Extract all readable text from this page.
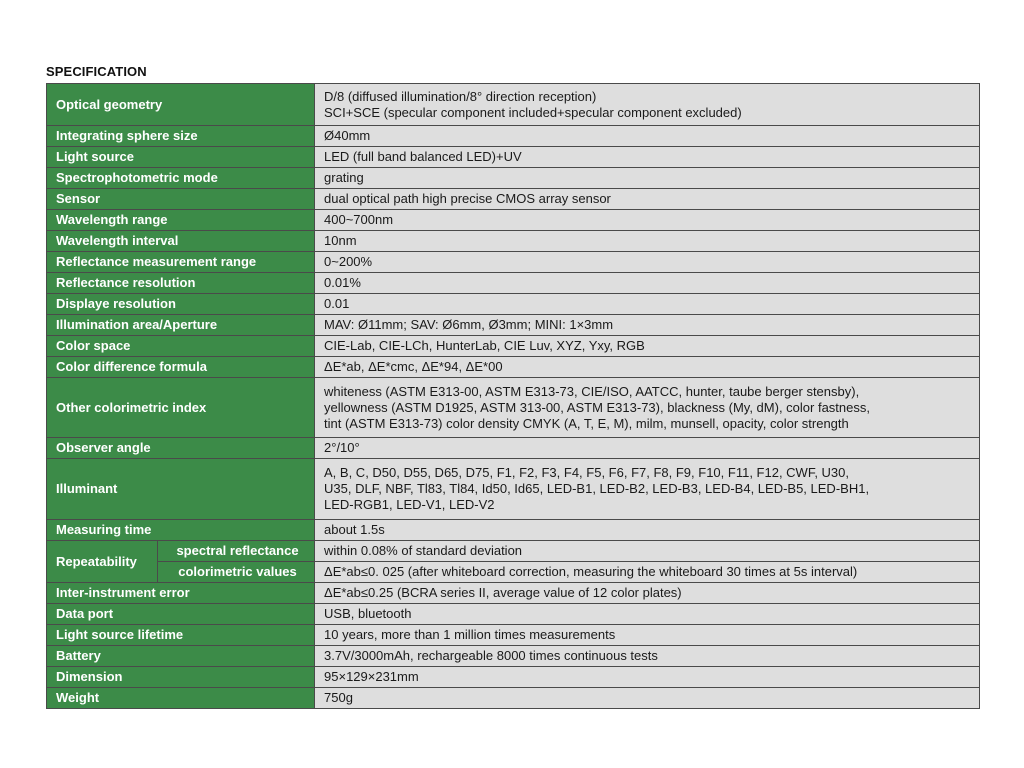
SPECIFICATION
Optical geometry		D/8 (diffused illumination/8° direction reception)
SCI+SCE (specular component included+specular component excluded)

Integrating sphere size		Ø40mm
Light source		LED (full band balanced LED)+UV
Spectrophotometric mode		grating
Sensor		dual optical path high precise CMOS array sensor
Wavelength range		400~700nm
Wavelength interval		10nm
Reflectance measurement range		0~200%
Reflectance resolution		0.01%
Displaye resolution		0.01
Illumination area/Aperture		MAV: Ø11mm; SAV: Ø6mm, Ø3mm; MINI: 1×3mm
Color space		CIE-Lab, CIE-LCh, HunterLab, CIE Luv, XYZ, Yxy, RGB
Color difference formula		ΔE*ab, ΔE*cmc, ΔE*94, ΔE*00
Other colorimetric index		whiteness (ASTM E313-00, ASTM E313-73, CIE/ISO, AATCC, hunter, taube berger stensby),
yellowness (ASTM D1925, ASTM 313-00, ASTM E313-73), blackness (My, dM), color fastness,
tint (ASTM E313-73) color density CMYK (A, T, E, M), milm, munsell, opacity, color strength

Observer angle		2°/10°
Illuminant		A, B, C, D50, D55, D65, D75, F1, F2, F3, F4, F5, F6, F7, F8, F9, F10, F11, F12, CWF, U30,
U35, DLF, NBF, Tl83, Tl84, Id50, Id65, LED-B1, LED-B2, LED-B3, LED-B4, LED-B5, LED-BH1,
LED-RGB1, LED-V1, LED-V2

Measuring time		about 1.5s
Repeatability	spectral reflectance	within 0.08% of standard deviation
	colorimetric values	ΔE*ab≤0. 025 (after whiteboard correction, measuring the whiteboard 30 times at 5s interval)
Inter-instrument error		ΔE*ab≤0.25 (BCRA series II, average value of 12 color plates)
Data port		USB, bluetooth
Light source lifetime		10 years, more than 1 million times measurements
Battery		3.7V/3000mAh, rechargeable 8000 times continuous tests
Dimension		95×129×231mm
Weight		750g
